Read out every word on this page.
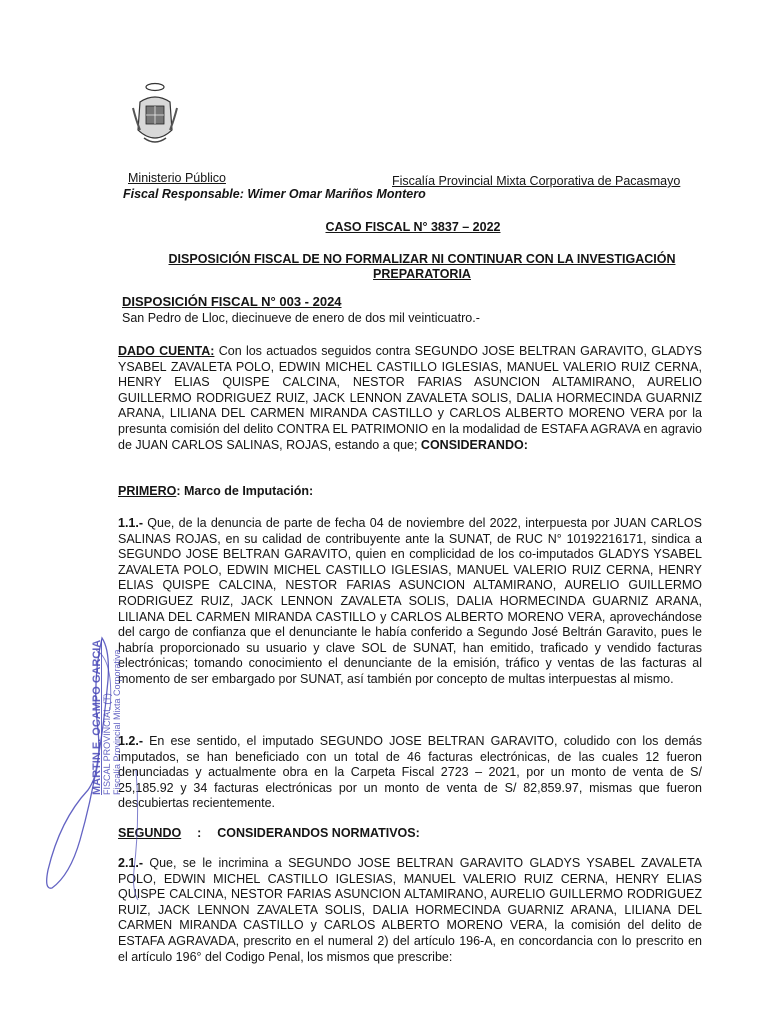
Ministerio Público	Fiscalía Provincial Mixta Corporativa de Pacasmayo
Fiscal Responsable: Wimer Omar Mariños Montero
CASO FISCAL N° 3837 – 2022
DISPOSICIÓN FISCAL DE NO FORMALIZAR NI CONTINUAR CON LA INVESTIGACIÓN PREPARATORIA
DISPOSICIÓN FISCAL N° 003 - 2024
San Pedro de Lloc, diecinueve de enero de dos mil veinticuatro.-
DADO CUENTA: Con los actuados seguidos contra SEGUNDO JOSE BELTRAN GARAVITO, GLADYS YSABEL ZAVALETA POLO, EDWIN MICHEL CASTILLO IGLESIAS, MANUEL VALERIO RUIZ CERNA, HENRY ELIAS QUISPE CALCINA, NESTOR FARIAS ASUNCION ALTAMIRANO, AURELIO GUILLERMO RODRIGUEZ RUIZ, JACK LENNON ZAVALETA SOLIS, DALIA HORMECINDA GUARNIZ ARANA, LILIANA DEL CARMEN MIRANDA CASTILLO y CARLOS ALBERTO MORENO VERA por la presunta comisión del delito CONTRA EL PATRIMONIO en la modalidad de ESTAFA AGRAVA en agravio de JUAN CARLOS SALINAS, ROJAS, estando a que; CONSIDERANDO:
PRIMERO: Marco de Imputación:
1.1.- Que, de la denuncia de parte de fecha 04 de noviembre del 2022, interpuesta por JUAN CARLOS SALINAS ROJAS, en su calidad de contribuyente ante la SUNAT, de RUC N° 10192216171, sindica a SEGUNDO JOSE BELTRAN GARAVITO, quien en complicidad de los co-imputados GLADYS YSABEL ZAVALETA POLO, EDWIN MICHEL CASTILLO IGLESIAS, MANUEL VALERIO RUIZ CERNA, HENRY ELIAS QUISPE CALCINA, NESTOR FARIAS ASUNCION ALTAMIRANO, AURELIO GUILLERMO RODRIGUEZ RUIZ, JACK LENNON ZAVALETA SOLIS, DALIA HORMECINDA GUARNIZ ARANA, LILIANA DEL CARMEN MIRANDA CASTILLO y CARLOS ALBERTO MORENO VERA, aprovechándose del cargo de confianza que el denunciante le había conferido a Segundo José Beltrán Garavito, pues le habría proporcionado su usuario y clave SOL de SUNAT, han emitido, traficado y vendido facturas electrónicas; tomando conocimiento el denunciante de la emisión, tráfico y ventas de las facturas al momento de ser embargado por SUNAT, así también por concepto de multas interpuestas al mismo.
1.2.- En ese sentido, el imputado SEGUNDO JOSE BELTRAN GARAVITO, coludido con los demás imputados, se han beneficiado con un total de 46 facturas electrónicas, de las cuales 12 fueron denunciadas y actualmente obra en la Carpeta Fiscal 2723 – 2021, por un monto de venta de S/ 25,185.92 y 34 facturas electrónicas por un monto de venta de S/ 82,859.97, mismas que fueron descubiertas recientemente.
SEGUNDO : CONSIDERANDOS NORMATIVOS:
2.1.- Que, se le incrimina a SEGUNDO JOSE BELTRAN GARAVITO GLADYS YSABEL ZAVALETA POLO, EDWIN MICHEL CASTILLO IGLESIAS, MANUEL VALERIO RUIZ CERNA, HENRY ELIAS QUISPE CALCINA, NESTOR FARIAS ASUNCION ALTAMIRANO, AURELIO GUILLERMO RODRIGUEZ RUIZ, JACK LENNON ZAVALETA SOLIS, DALIA HORMECINDA GUARNIZ ARANA, LILIANA DEL CARMEN MIRANDA CASTILLO y CARLOS ALBERTO MORENO VERA, la comisión del delito de ESTAFA AGRAVADA, prescrito en el numeral 2) del artículo 196-A, en concordancia con lo prescrito en el artículo 196° del Codigo Penal, los mismos que prescribe:
MARTIN E. OCAMPO GARCIA FISCAL PROVINCIAL (T) Fiscalía Provincial Mixta Corporativa
